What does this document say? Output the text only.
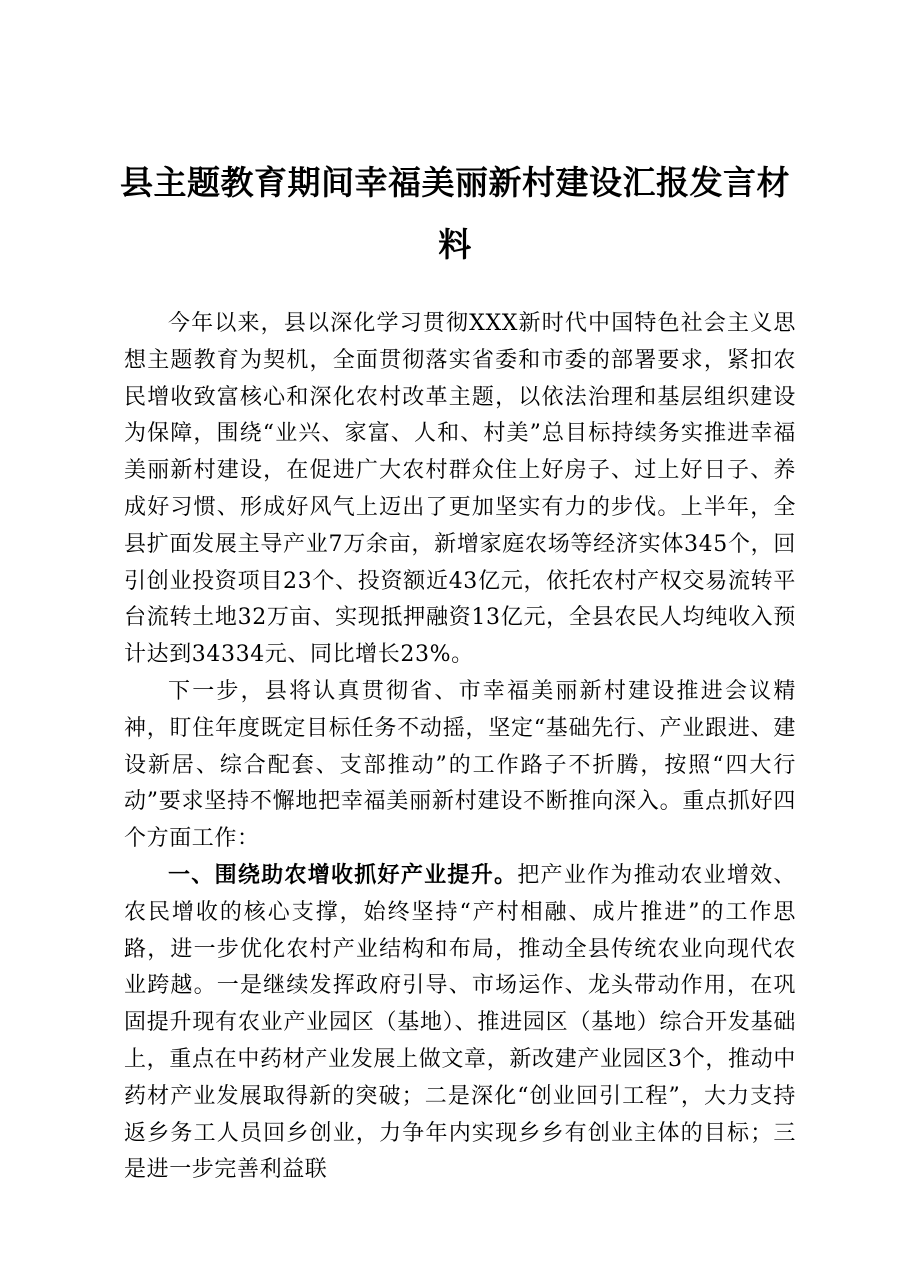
县主题教育期间幸福美丽新村建设汇报发言材料

今年以来，县以深化学习贯彻XXX新时代中国特色社会主义思想主题教育为契机，全面贯彻落实省委和市委的部署要求，紧扣农民增收致富核心和深化农村改革主题，以依法治理和基层组织建设为保障，围绕“业兴、家富、人和、村美”总目标持续务实推进幸福美丽新村建设，在促进广大农村群众住上好房子、过上好日子、养成好习惯、形成好风气上迈出了更加坚实有力的步伐。上半年，全县扩面发展主导产业7万余亩，新增家庭农场等经济实体345个，回引创业投资项目23个、投资额近43亿元，依托农村产权交易流转平台流转土地32万亩、实现抵押融资13亿元，全县农民人均纯收入预计达到34334元、同比增长23%。

下一步，县将认真贯彻省、市幸福美丽新村建设推进会议精神，盯住年度既定目标任务不动摇，坚定“基础先行、产业跟进、建设新居、综合配套、支部推动”的工作路子不折腾，按照“四大行动”要求坚持不懈地把幸福美丽新村建设不断推向深入。重点抓好四个方面工作：

一、围绕助农增收抓好产业提升。把产业作为推动农业增效、农民增收的核心支撑，始终坚持“产村相融、成片推进”的工作思路，进一步优化农村产业结构和布局，推动全县传统农业向现代农业跨越。一是继续发挥政府引导、市场运作、龙头带动作用，在巩固提升现有农业产业园区（基地）、推进园区（基地）综合开发基础上，重点在中药材产业发展上做文章，新改建产业园区3个，推动中药材产业发展取得新的突破；二是深化“创业回引工程”，大力支持返乡务工人员回乡创业，力争年内实现乡乡有创业主体的目标；三是进一步完善利益联
